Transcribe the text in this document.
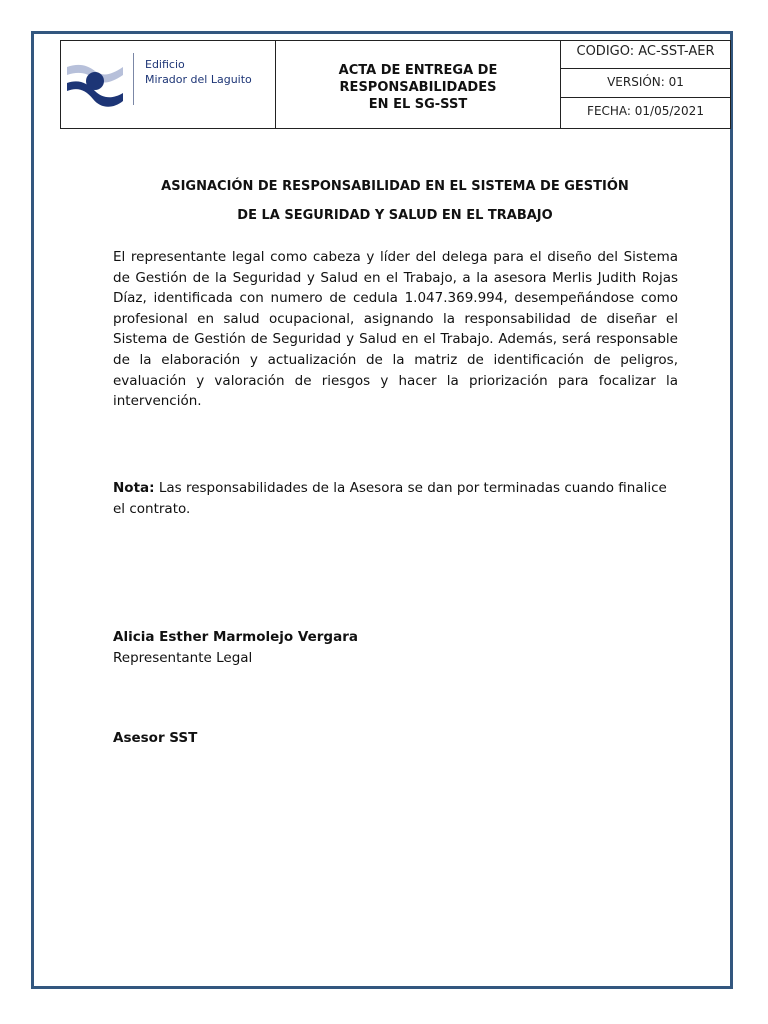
Edificio
Mirador del Laguito
ACTA DE ENTREGA DE
RESPONSABILIDADES
EN EL SG-SST
CODIGO: AC-SST-AER
VERSIÓN: 01
FECHA: 01/05/2021
ASIGNACIÓN DE RESPONSABILIDAD EN EL SISTEMA DE GESTIÓN
DE LA SEGURIDAD Y SALUD EN EL TRABAJO

El representante legal como cabeza y líder del delega para el diseño del Sistema de Gestión de la Seguridad y Salud en el Trabajo, a la asesora Merlis Judith Rojas Díaz, identificada con numero de cedula 1.047.369.994, desempeñándose como profesional en salud ocupacional, asignando la responsabilidad de diseñar el Sistema de Gestión de Seguridad y Salud en el Trabajo. Además, será responsable de la elaboración y actualización de la matriz de identificación de peligros, evaluación y valoración de riesgos y hacer la priorización para focalizar la intervención.

Nota: Las responsabilidades de la Asesora se dan por terminadas cuando finalice el contrato.

Alicia Esther Marmolejo Vergara
Representante Legal
Asesor SST
